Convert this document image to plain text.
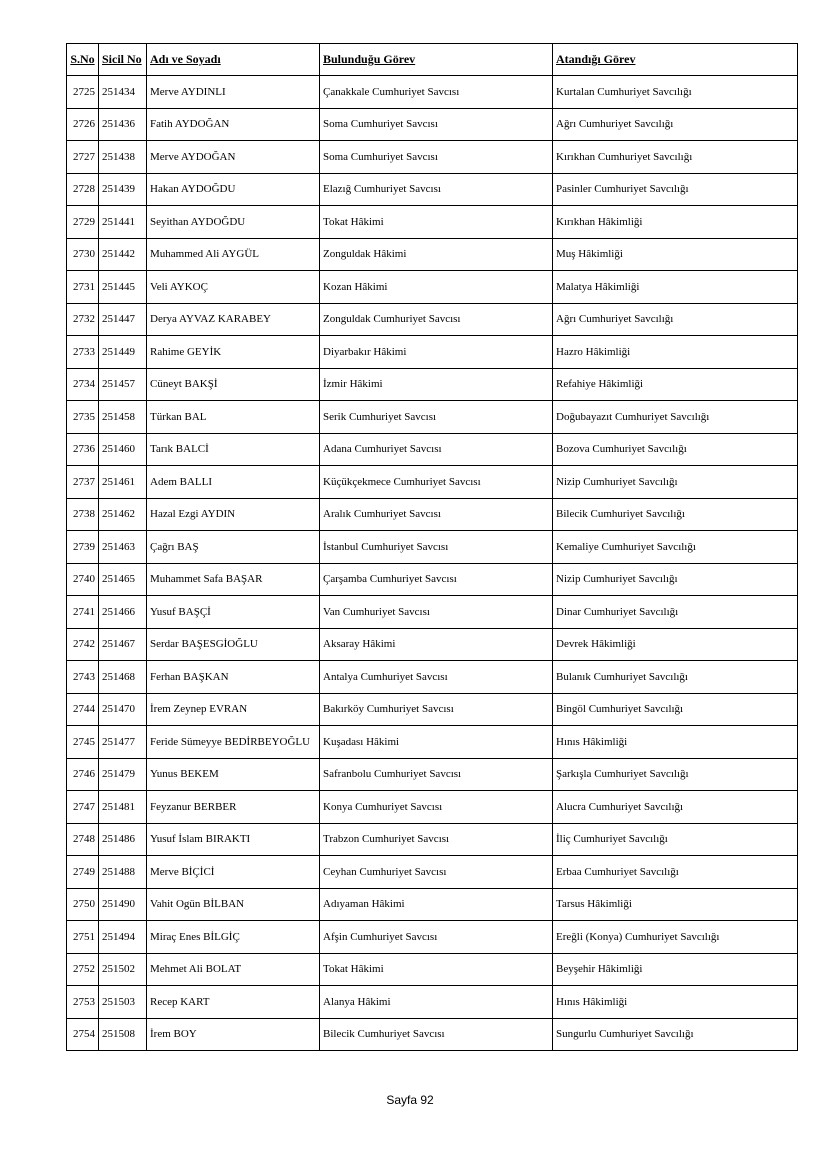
S.No	Sicil No	Adı ve Soyadı	Bulunduğu Görev	Atandığı Görev
2725	251434	Merve AYDINLI	Çanakkale Cumhuriyet Savcısı	Kurtalan Cumhuriyet Savcılığı
2726	251436	Fatih AYDOĞAN	Soma Cumhuriyet Savcısı	Ağrı Cumhuriyet Savcılığı
2727	251438	Merve AYDOĞAN	Soma Cumhuriyet Savcısı	Kırıkhan Cumhuriyet Savcılığı
2728	251439	Hakan AYDOĞDU	Elazığ Cumhuriyet Savcısı	Pasinler Cumhuriyet Savcılığı
2729	251441	Seyithan AYDOĞDU	Tokat Hâkimi	Kırıkhan Hâkimliği
2730	251442	Muhammed Ali AYGÜL	Zonguldak Hâkimi	Muş Hâkimliği
2731	251445	Veli AYKOÇ	Kozan Hâkimi	Malatya Hâkimliği
2732	251447	Derya AYVAZ KARABEY	Zonguldak Cumhuriyet Savcısı	Ağrı Cumhuriyet Savcılığı
2733	251449	Rahime GEYİK	Diyarbakır Hâkimi	Hazro Hâkimliği
2734	251457	Cüneyt BAKŞİ	İzmir Hâkimi	Refahiye Hâkimliği
2735	251458	Türkan BAL	Serik Cumhuriyet Savcısı	Doğubayazıt Cumhuriyet Savcılığı
2736	251460	Tarık BALCİ	Adana Cumhuriyet Savcısı	Bozova Cumhuriyet Savcılığı
2737	251461	Adem BALLI	Küçükçekmece Cumhuriyet Savcısı	Nizip Cumhuriyet Savcılığı
2738	251462	Hazal Ezgi AYDIN	Aralık Cumhuriyet Savcısı	Bilecik Cumhuriyet Savcılığı
2739	251463	Çağrı BAŞ	İstanbul Cumhuriyet Savcısı	Kemaliye Cumhuriyet Savcılığı
2740	251465	Muhammet Safa BAŞAR	Çarşamba Cumhuriyet Savcısı	Nizip Cumhuriyet Savcılığı
2741	251466	Yusuf BAŞÇİ	Van Cumhuriyet Savcısı	Dinar Cumhuriyet Savcılığı
2742	251467	Serdar BAŞESGİOĞLU	Aksaray Hâkimi	Devrek Hâkimliği
2743	251468	Ferhan BAŞKAN	Antalya Cumhuriyet Savcısı	Bulanık Cumhuriyet Savcılığı
2744	251470	İrem Zeynep EVRAN	Bakırköy Cumhuriyet Savcısı	Bingöl Cumhuriyet Savcılığı
2745	251477	Feride Sümeyye BEDİRBEYOĞLU	Kuşadası Hâkimi	Hınıs Hâkimliği
2746	251479	Yunus BEKEM	Safranbolu Cumhuriyet Savcısı	Şarkışla Cumhuriyet Savcılığı
2747	251481	Feyzanur BERBER	Konya Cumhuriyet Savcısı	Alucra Cumhuriyet Savcılığı
2748	251486	Yusuf İslam BIRAKTI	Trabzon Cumhuriyet Savcısı	İliç Cumhuriyet Savcılığı
2749	251488	Merve BİÇİCİ	Ceyhan Cumhuriyet Savcısı	Erbaa Cumhuriyet Savcılığı
2750	251490	Vahit Ogün BİLBAN	Adıyaman Hâkimi	Tarsus Hâkimliği
2751	251494	Miraç Enes BİLGİÇ	Afşin Cumhuriyet Savcısı	Ereğli (Konya) Cumhuriyet Savcılığı
2752	251502	Mehmet Ali BOLAT	Tokat Hâkimi	Beyşehir Hâkimliği
2753	251503	Recep KART	Alanya Hâkimi	Hınıs Hâkimliği
2754	251508	İrem BOY	Bilecik Cumhuriyet Savcısı	Sungurlu Cumhuriyet Savcılığı
Sayfa 92
